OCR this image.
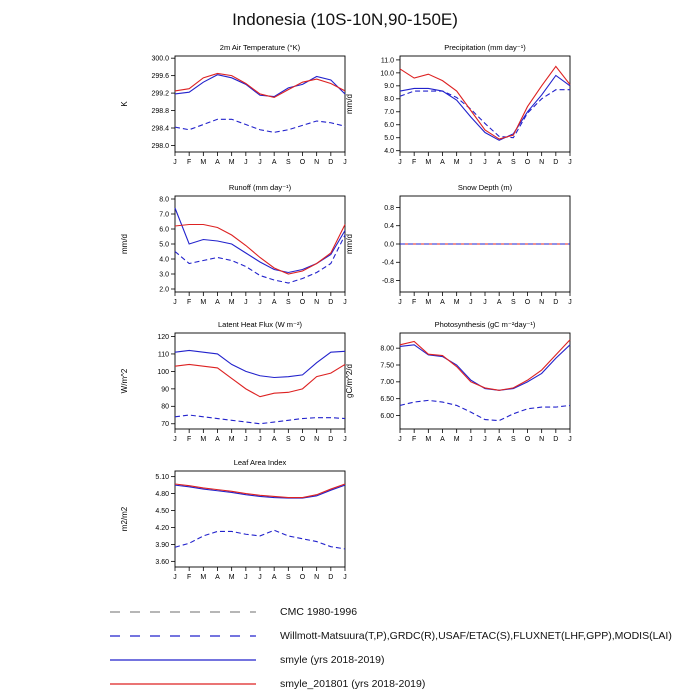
Indonesia (10S-10N,90-150E)
2m Air Temperature (°K)
K
298.0
298.4
298.8
299.2
299.6
300.0
J F M A M J J A S O N D J
Precipitation (mm day⁻¹)
mm/d
4.0
5.0
6.0
7.0
8.0
9.0
10.0
11.0
J F M A M J J A S O N D J
Runoff (mm day⁻¹)
mm/d
2.0
3.0
4.0
5.0
6.0
7.0
8.0
J F M A M J J A S O N D J
Snow Depth (m)
mm/d
-0.8
-0.4
0.0
0.4
0.8
J F M A M J J A S O N D J
Latent Heat Flux (W m⁻²)
W/m^2
70
80
90
100
110
120
J F M A M J J A S O N D J
Photosynthesis (gC m⁻²day⁻¹)
gC/m^2/d
6.00
6.50
7.00
7.50
8.00
J F M A M J J A S O N D J
Leaf Area Index
m2/m2
3.60
3.90
4.20
4.50
4.80
5.10
J F M A M J J A S O N D J
CMC 1980-1996
Willmott-Matsuura(T,P),GRDC(R),USAF/ETAC(S),FLUXNET(LHF,GPP),MODIS(LAI)
smyle (yrs 2018-2019)
smyle_201801 (yrs 2018-2019)
